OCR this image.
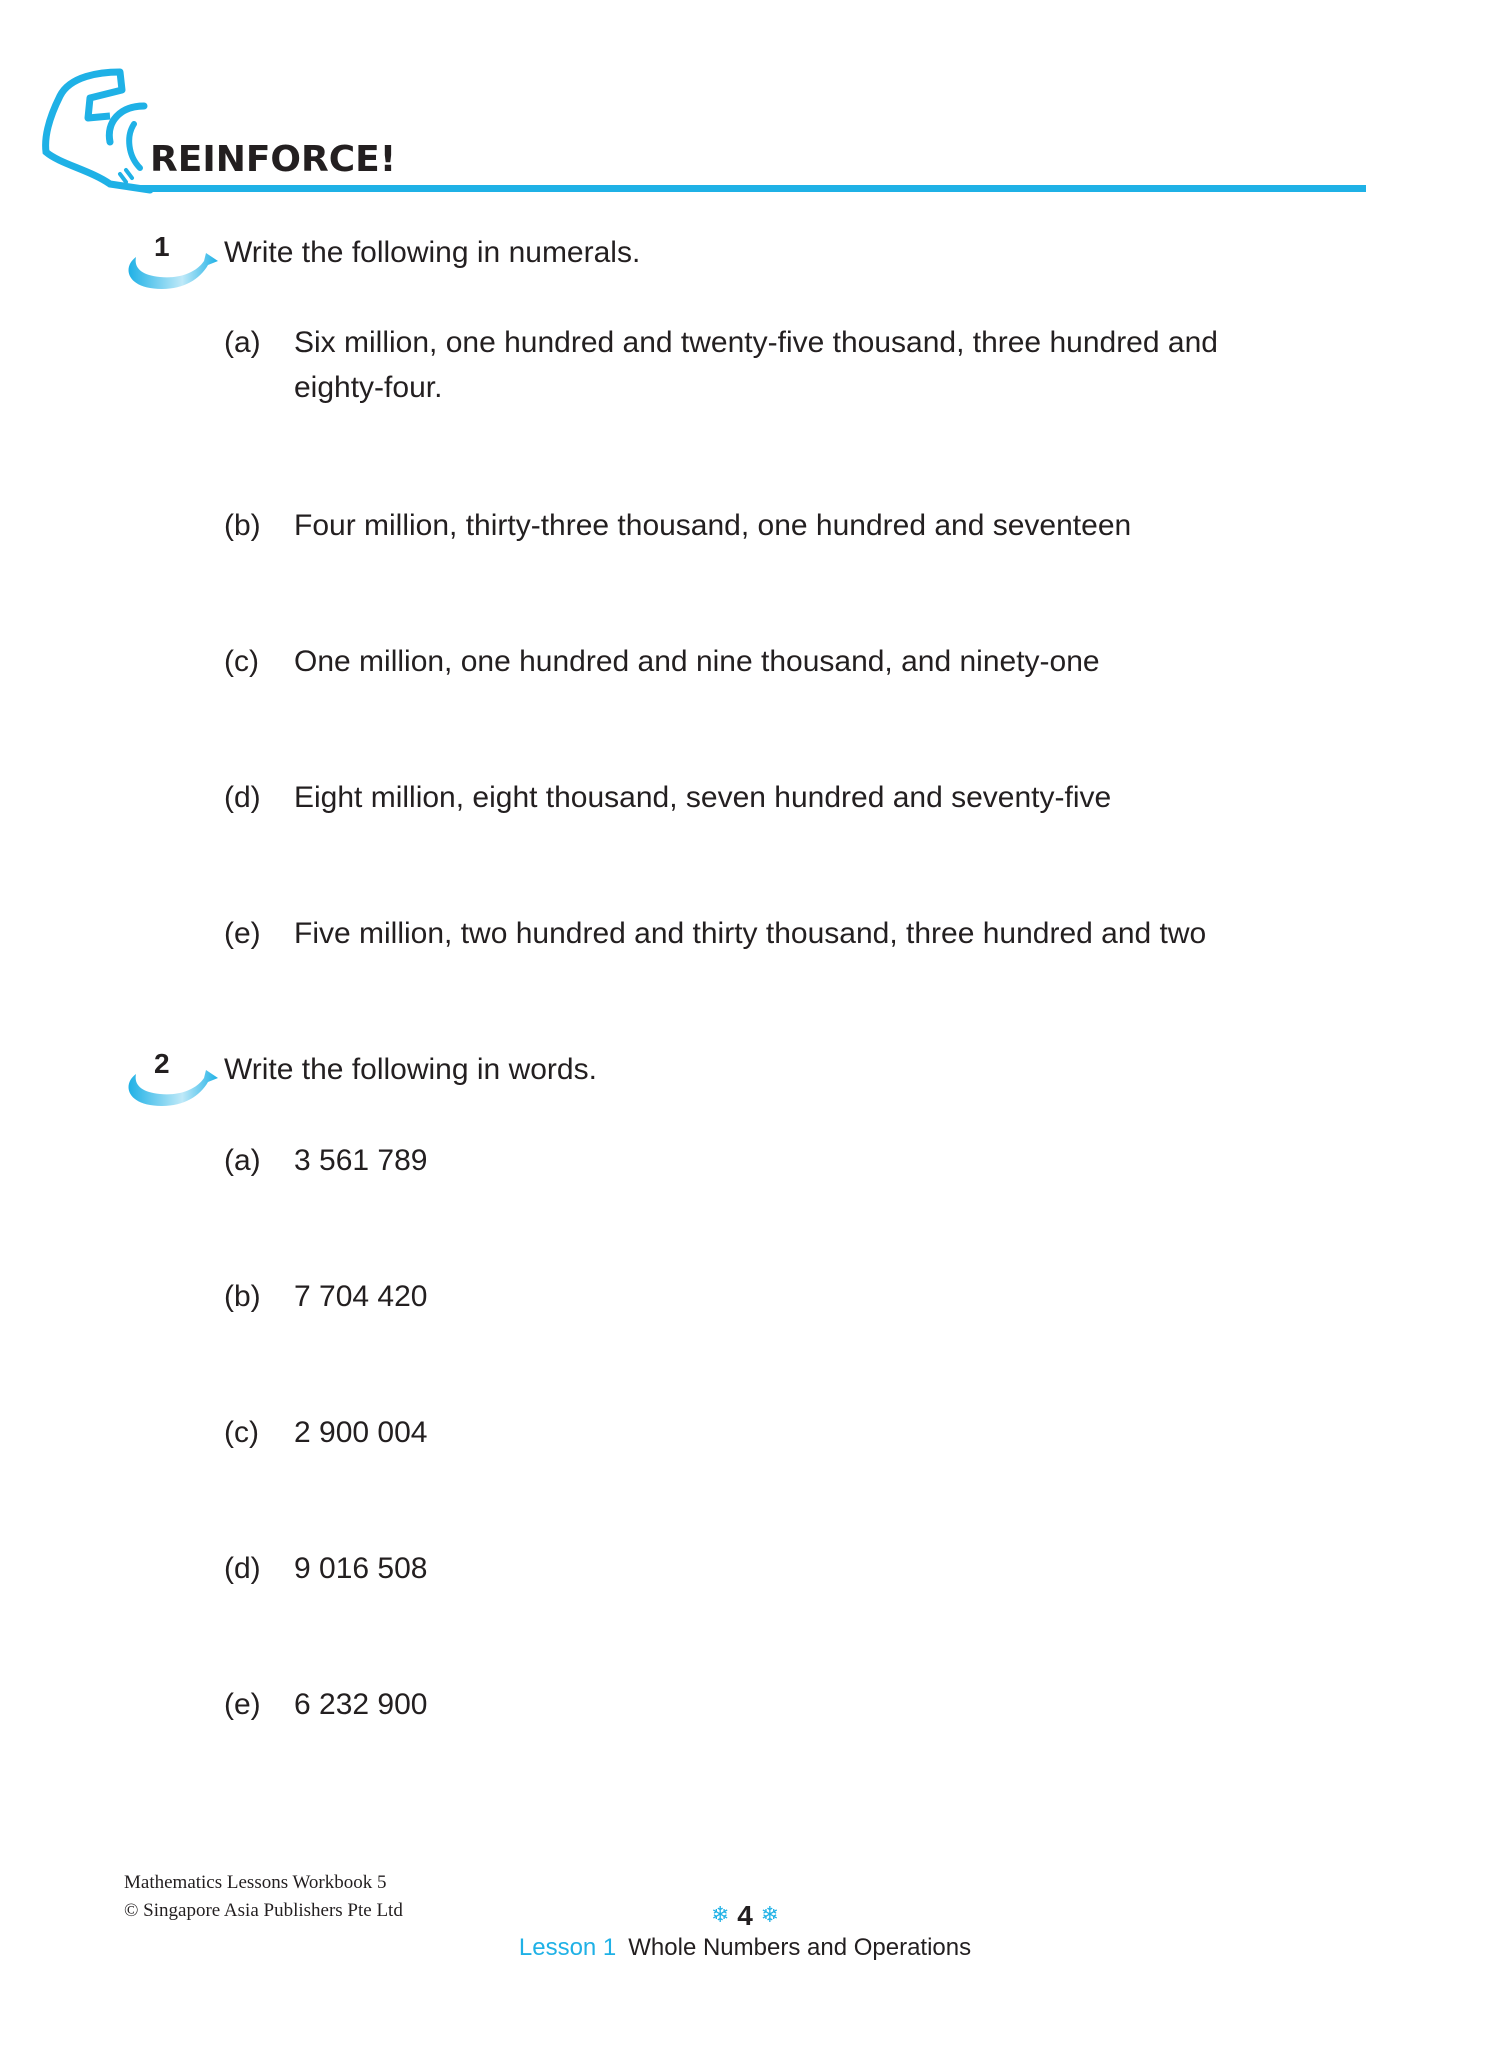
REINFORCE!
1 Write the following in numerals.
(a) Six million, one hundred and twenty-five thousand, three hundred and
eighty-four.
(b) Four million, thirty-three thousand, one hundred and seventeen
(c) One million, one hundred and nine thousand, and ninety-one
(d) Eight million, eight thousand, seven hundred and seventy-five
(e) Five million, two hundred and thirty thousand, three hundred and two
2 Write the following in words.
(a) 3 561 789
(b) 7 704 420
(c) 2 900 004
(d) 9 016 508
(e) 6 232 900
Mathematics Lessons Workbook 5
© Singapore Asia Publishers Pte Ltd	❄ 4 ❄
Lesson 1 Whole Numbers and Operations
